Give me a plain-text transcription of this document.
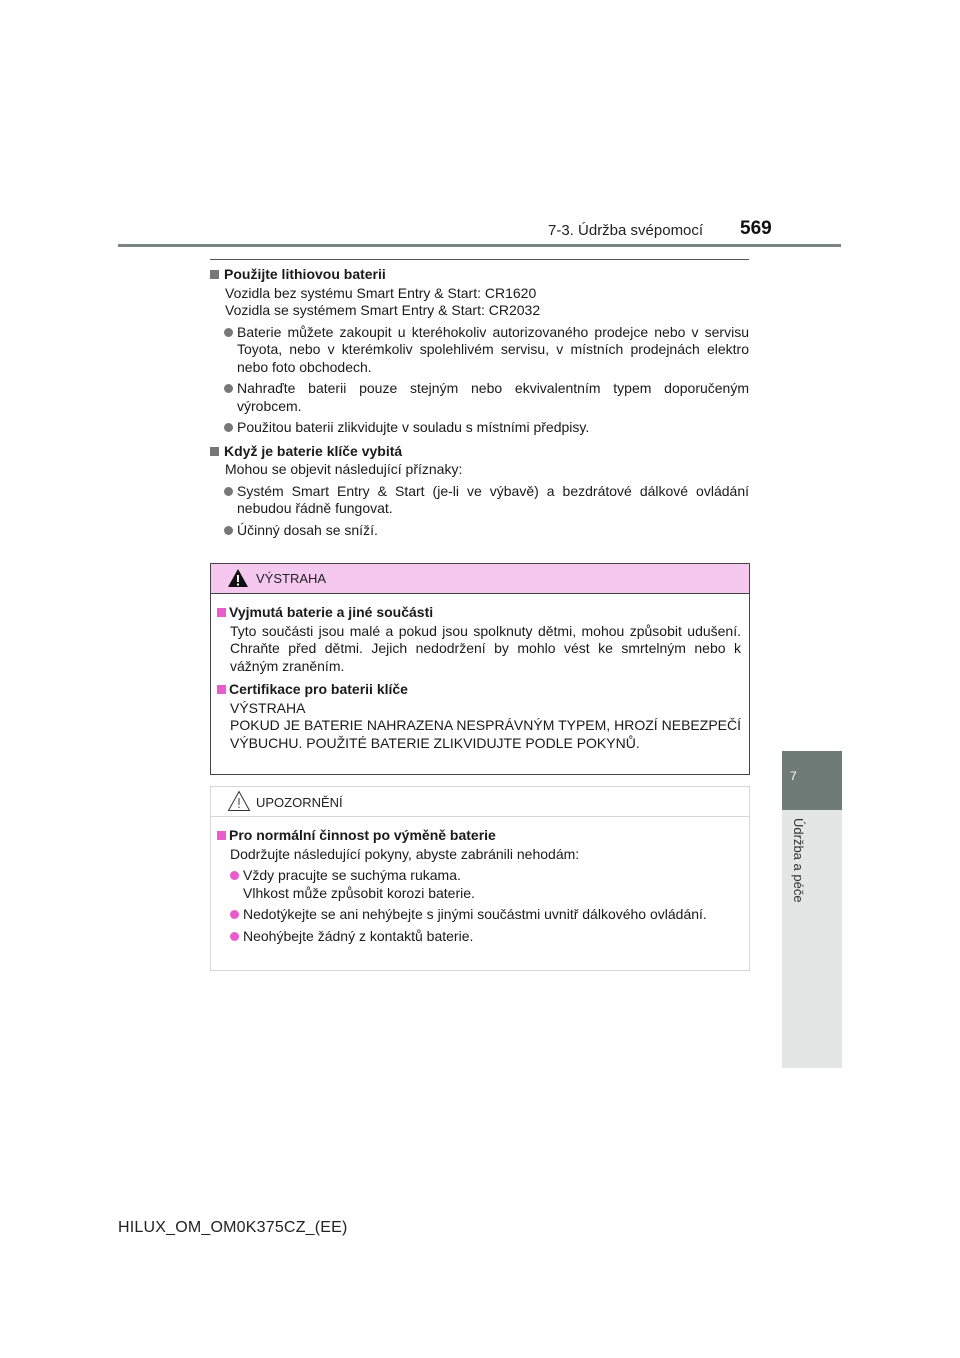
7-3. Údržba svépomocí 569
7
Údržba a péče
Použijte lithiovou baterii
Vozidla bez systému Smart Entry & Start: CR1620
Vozidla se systémem Smart Entry & Start: CR2032
Baterie můžete zakoupit u kteréhokoliv autorizovaného prodejce nebo v servisu Toyota, nebo v kterémkoliv spolehlivém servisu, v místních prodejnách elektro nebo foto obchodech.
Nahraďte baterii pouze stejným nebo ekvivalentním typem doporučeným výrobcem.
Použitou baterii zlikvidujte v souladu s místními předpisy.
Když je baterie klíče vybitá
Mohou se objevit následující příznaky:
Systém Smart Entry & Start (je-li ve výbavě) a bezdrátové dálkové ovládání nebudou řádně fungovat.
Účinný dosah se sníží.
VÝSTRAHA
Vyjmutá baterie a jiné součásti
Tyto součásti jsou malé a pokud jsou spolknuty dětmi, mohou způsobit udušení. Chraňte před dětmi. Jejich nedodržení by mohlo vést ke smrtelným nebo k vážným zraněním.
Certifikace pro baterii klíče
VÝSTRAHA
POKUD JE BATERIE NAHRAZENA NESPRÁVNÝM TYPEM, HROZÍ NEBEZPEČÍ VÝBUCHU. POUŽITÉ BATERIE ZLIKVIDUJTE PODLE POKYNŮ.
UPOZORNĚNÍ
Pro normální činnost po výměně baterie
Dodržujte následující pokyny, abyste zabránili nehodám:
Vždy pracujte se suchýma rukama.
Vlhkost může způsobit korozi baterie.
Nedotýkejte se ani nehýbejte s jinými součástmi uvnitř dálkového ovládání.
Neohýbejte žádný z kontaktů baterie.
HILUX_OM_OM0K375CZ_(EE)
